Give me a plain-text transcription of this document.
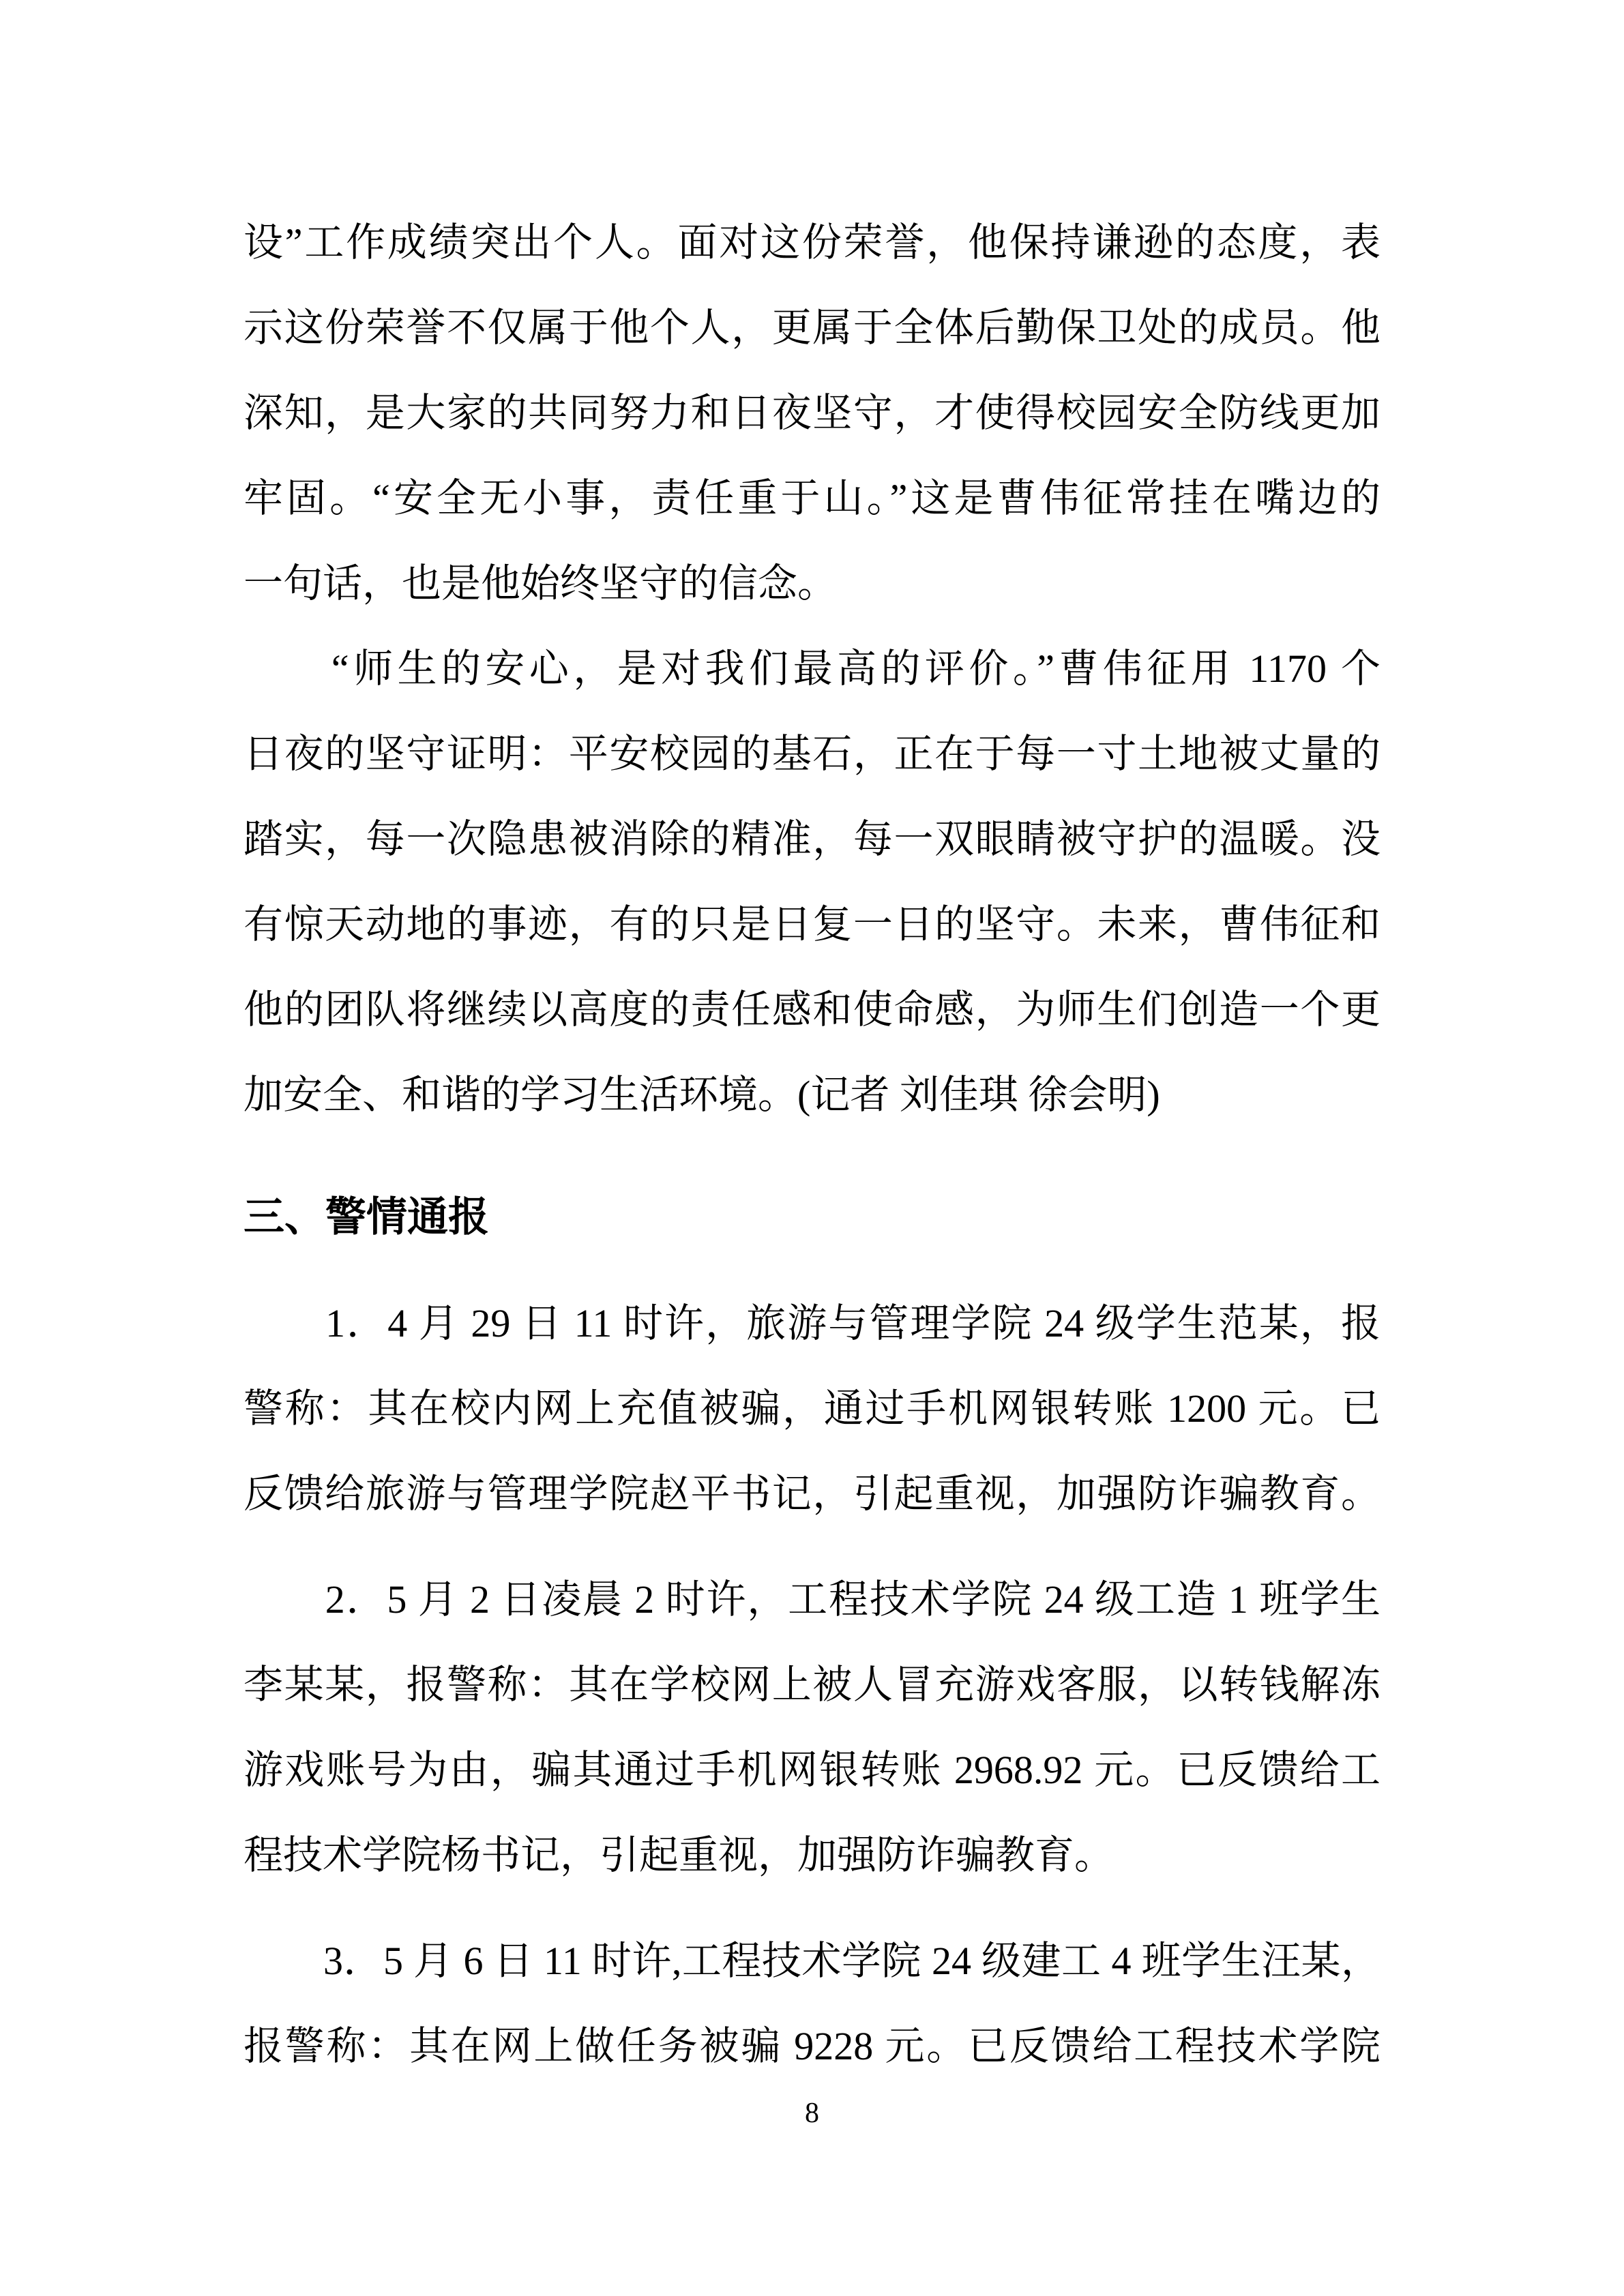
设”工作成绩突出个人。面对这份荣誉，他保持谦逊的态度，表
示这份荣誉不仅属于他个人，更属于全体后勤保卫处的成员。他
深知，是大家的共同努力和日夜坚守，才使得校园安全防线更加
牢固。“安全无小事，责任重于山。”这是曹伟征常挂在嘴边的
一句话，也是他始终坚守的信念。
　　“师生的安心，是对我们最高的评价。”曹伟征用 1170 个
日夜的坚守证明：平安校园的基石，正在于每一寸土地被丈量的
踏实，每一次隐患被消除的精准，每一双眼睛被守护的温暖。没
有惊天动地的事迹，有的只是日复一日的坚守。未来，曹伟征和
他的团队将继续以高度的责任感和使命感，为师生们创造一个更
加安全、和谐的学习生活环境。(记者 刘佳琪 徐会明)
三、警情通报
　　1．4 月 29 日 11 时许，旅游与管理学院 24 级学生范某，报
警称：其在校内网上充值被骗，通过手机网银转账 1200 元。已
反馈给旅游与管理学院赵平书记，引起重视，加强防诈骗教育。
　　2．5 月 2 日凌晨 2 时许，工程技术学院 24 级工造 1 班学生
李某某，报警称：其在学校网上被人冒充游戏客服，以转钱解冻
游戏账号为由，骗其通过手机网银转账 2968.92 元。已反馈给工
程技术学院杨书记，引起重视，加强防诈骗教育。
　　3．5 月 6 日 11 时许,工程技术学院 24 级建工 4 班学生汪某，
报警称：其在网上做任务被骗 9228 元。已反馈给工程技术学院
8
